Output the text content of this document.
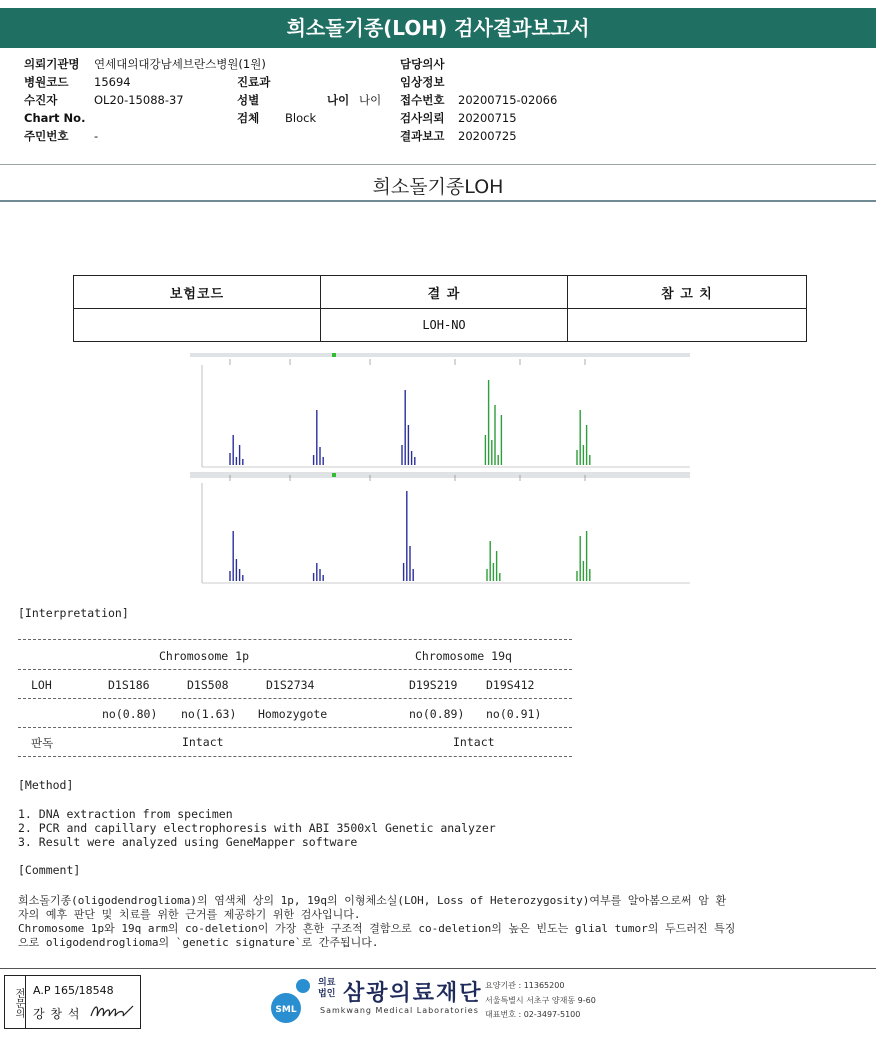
희소돌기종(LOH) 검사결과보고서
의뢰기관명 연세대의대강남세브란스병원(1원)
병원코드 15694
수진자	OL20-15088-37
Chart No.
주민번호 -
진료과
성별	나이 나이
검체 Block
담당의사
임상정보
접수번호 20200715-02066
검사의뢰 20200715
결과보고 20200725
희소돌기종LOH
보험코드	결 과	참 고 치
	LOH-NO	
[Interpretation]
Chromosome 1p	Chromosome 19q
LOH	D1S186	D1S508	D1S2734	D19S219 D19S412
no(0.80) no(1.63) Homozygote	no(0.89) no(0.91)
판독	Intact	Intact
[Method]
1. DNA extraction from specimen
2. PCR and capillary electrophoresis with ABI 3500xl Genetic analyzer
3. Result were analyzed using GeneMapper software
[Comment]
희소돌기종(oligodendroglioma)의 염색체 상의 1p, 19q의 이형체소실(LOH, Loss of Heterozygosity)여부를 알아봄으로써 암 환
자의 예후 판단 및 치료를 위한 근거를 제공하기 위한 검사입니다.
Chromosome 1p와 19q arm의 co-deletion이 가장 흔한 구조적 결함으로 co-deletion의 높은 빈도는 glial tumor의 두드러진 특징
으로 oligodendroglioma의 `genetic signature`로 간주됩니다.
전문의 A.P 165/18548
강 창 석	SML
의료
법인 삼광의료재단
Samkwang Medical Laboratories
요양기관 : 11365200
서울특별시 서초구 양재동 9-60
대표번호 : 02-3497-5100
